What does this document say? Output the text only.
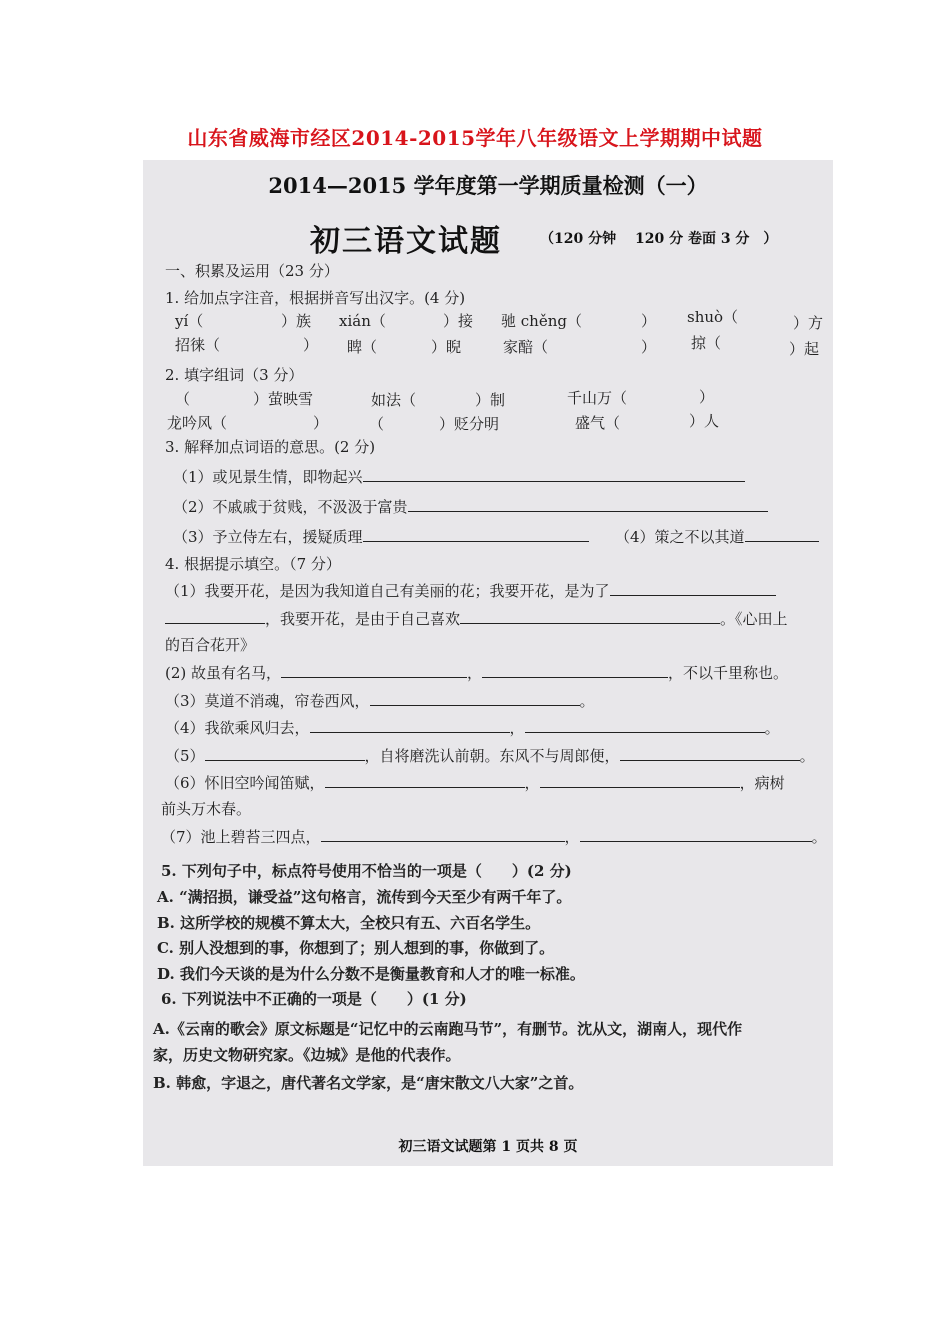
山东省威海市经区2014-2015学年八年级语文上学期期中试题
2014—2015 学年度第一学期质量检测（一）
初三语文试题	（120 分钟　 120 分 卷面 3 分　）
一、积累及运用（23 分）
1. 给加点字注音，根据拼音写出汉字。(4 分)
yí（	）族 xián（	）接 驰 chěng（	） shuò（	）方
招徕（	） 睥（	）睨	家醅（	） 掠（	）起
2. 填字组词（3 分）
（	）萤映雪	如法（	）制	千山万（	）
龙吟风（	）	（	）贬分明	盛气（	）人
3. 解释加点词语的意思。(2 分)
（1）或见景生情，即物起兴
（2）不戚戚于贫贱，不汲汲于富贵
（3）予立侍左右，援疑质理	（4）策之不以其道
4. 根据提示填空。（7 分）
（1）我要开花，是因为我知道自己有美丽的花；我要开花，是为了
，我要开花，是由于自己喜欢	。《心田上
的百合花开》
(2) 故虽有名马，	，	，不以千里称也。
（3）莫道不消魂，帘卷西风，	。
（4）我欲乘风归去，	，	。
（5）	，自将磨洗认前朝。东风不与周郎便，	。
（6）怀旧空吟闻笛赋，	，	，病树
前头万木春。
（7）池上碧苔三四点，	，	。
5. 下列句子中，标点符号使用不恰当的一项是（　　）(2 分)
A. “满招损，谦受益”这句格言，流传到今天至少有两千年了。
B. 这所学校的规模不算太大，全校只有五、六百名学生。
C. 别人没想到的事，你想到了；别人想到的事，你做到了。
D. 我们今天谈的是为什么分数不是衡量教育和人才的唯一标准。
6. 下列说法中不正确的一项是（　　）(1 分)
A.《云南的歌会》原文标题是“记忆中的云南跑马节”，有删节。沈从文，湖南人，现代作
家，历史文物研究家。《边城》是他的代表作。
B. 韩愈，字退之，唐代著名文学家，是“唐宋散文八大家”之首。
初三语文试题第 1 页共 8 页
